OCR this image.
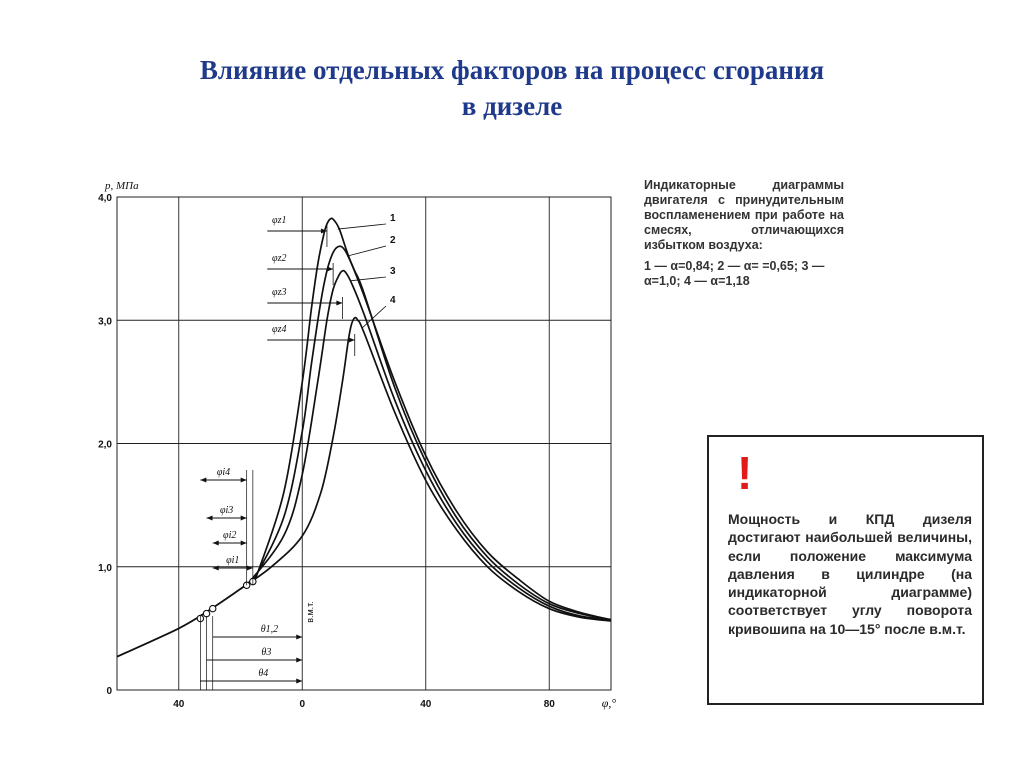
Влияние отдельных факторов на процесс сгорания
в дизеле
40	0	40	80
0
1,0
2,0
3,0
4,0
p, МПа
φ,°
1
2
3
4
θ1,2
θ3
θ4
φi4
φi3
φi2
φi1
φz1
φz2
φz3
φz4
в.м.т.
Индикаторные диаграммы двигателя с принудительным воспламенением при работе на смесях, отличающихся избытком воздуха:
1 — α=0,84; 2 — α= =0,65; 3 — α=1,0; 4 — α=1,18
!
Мощность и КПД дизеля достигают наибольшей величины, если положение максимума давления в цилиндре (на индикаторной диаграмме) соответствует углу поворота кривошипа на 10—15° после в.м.т.
